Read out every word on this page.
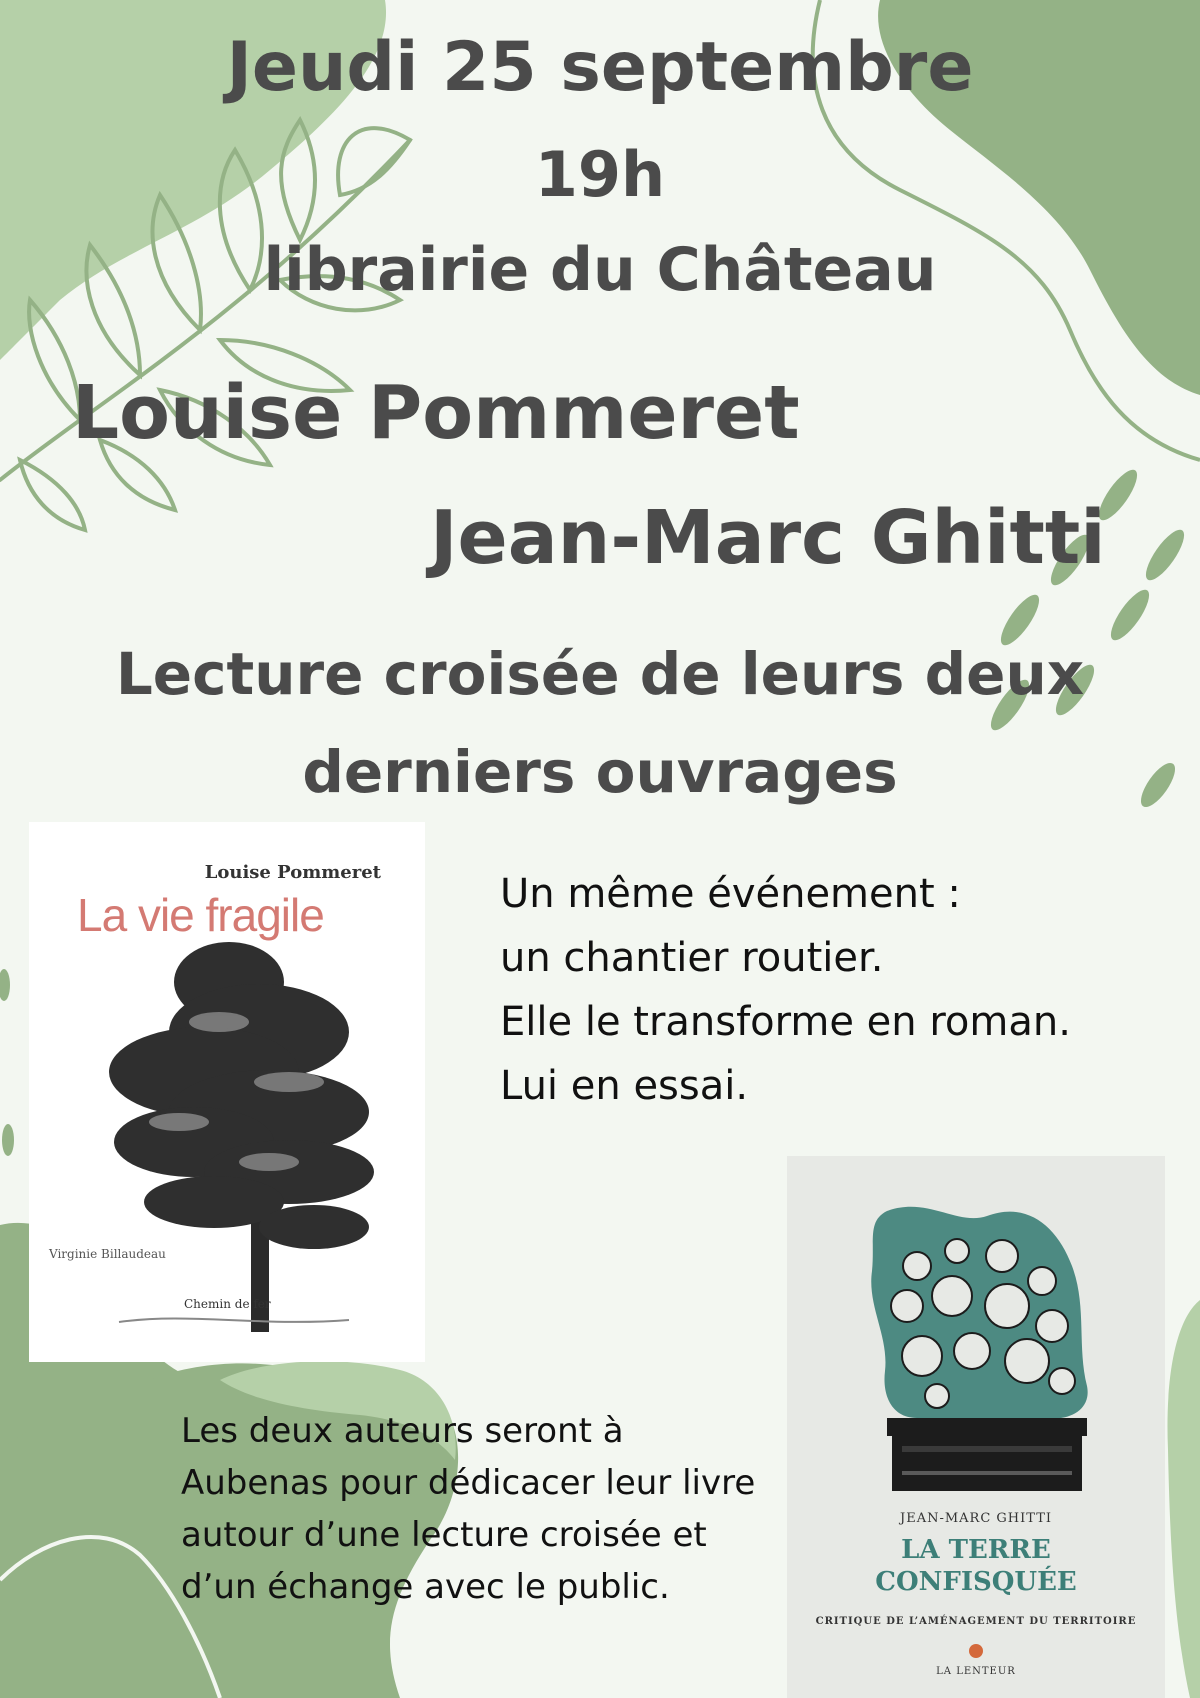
Jeudi 25 septembre
19h
librairie du Château
Louise Pommeret
Jean-Marc Ghitti
Lecture croisée de leurs deux
derniers ouvrages
Louise Pommeret
La vie fragile
Virginie Billaudeau
Chemin de fer
Un même événement :
un chantier routier.
Elle le transforme en roman.
Lui en essai.
Les deux auteurs seront à
Aubenas pour dédicacer leur livre
autour d’une lecture croisée et
d’un échange avec le public.
JEAN-MARC GHITTI
LA TERRE
CONFISQUÉE
CRITIQUE DE L’AMÉNAGEMENT DU TERRITOIRE
LA LENTEUR
